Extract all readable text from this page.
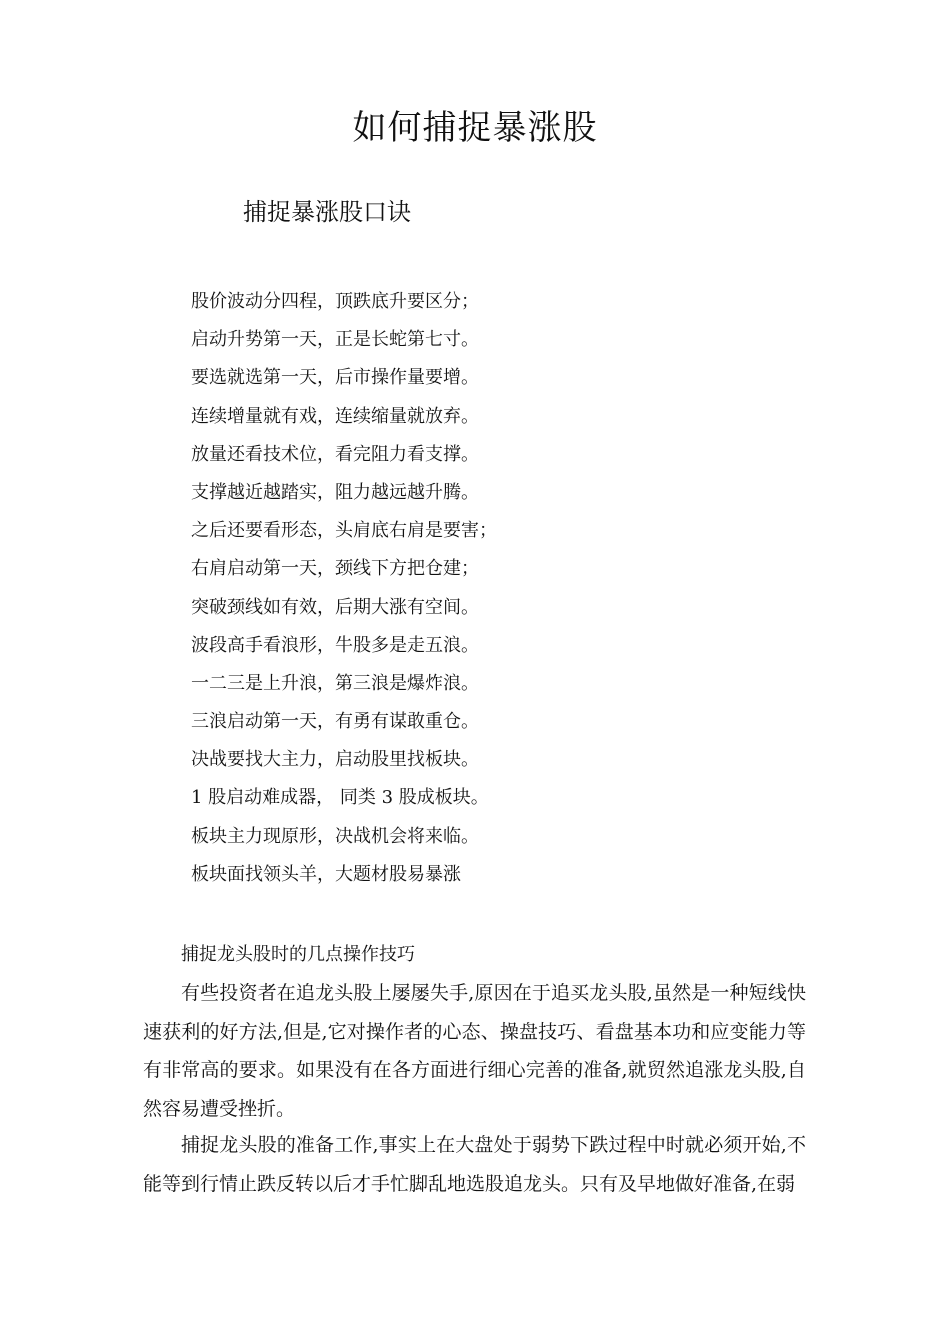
如何捕捉暴涨股
捕捉暴涨股口诀
股价波动分四程，顶跌底升要区分；
启动升势第一天，正是长蛇第七寸。
要选就选第一天，后市操作量要增。
连续增量就有戏，连续缩量就放弃。
放量还看技术位，看完阻力看支撑。
支撑越近越踏实，阻力越远越升腾。
之后还要看形态，头肩底右肩是要害；
右肩启动第一天，颈线下方把仓建；
突破颈线如有效，后期大涨有空间。
波段高手看浪形，牛股多是走五浪。
一二三是上升浪，第三浪是爆炸浪。
三浪启动第一天，有勇有谋敢重仓。
决战要找大主力，启动股里找板块。
1 股启动难成器， 同类 3 股成板块。
板块主力现原形，决战机会将来临。
板块面找领头羊，大题材股易暴涨
捕捉龙头股时的几点操作技巧

有些投资者在追龙头股上屡屡失手,原因在于追买龙头股,虽然是一种短线快速获利的好方法,但是,它对操作者的心态、操盘技巧、看盘基本功和应变能力等有非常高的要求。如果没有在各方面进行细心完善的准备,就贸然追涨龙头股,自然容易遭受挫折。

捕捉龙头股的准备工作,事实上在大盘处于弱势下跌过程中时就必须开始,不能等到行情止跌反转以后才手忙脚乱地选股追龙头。只有及早地做好准备,在弱
